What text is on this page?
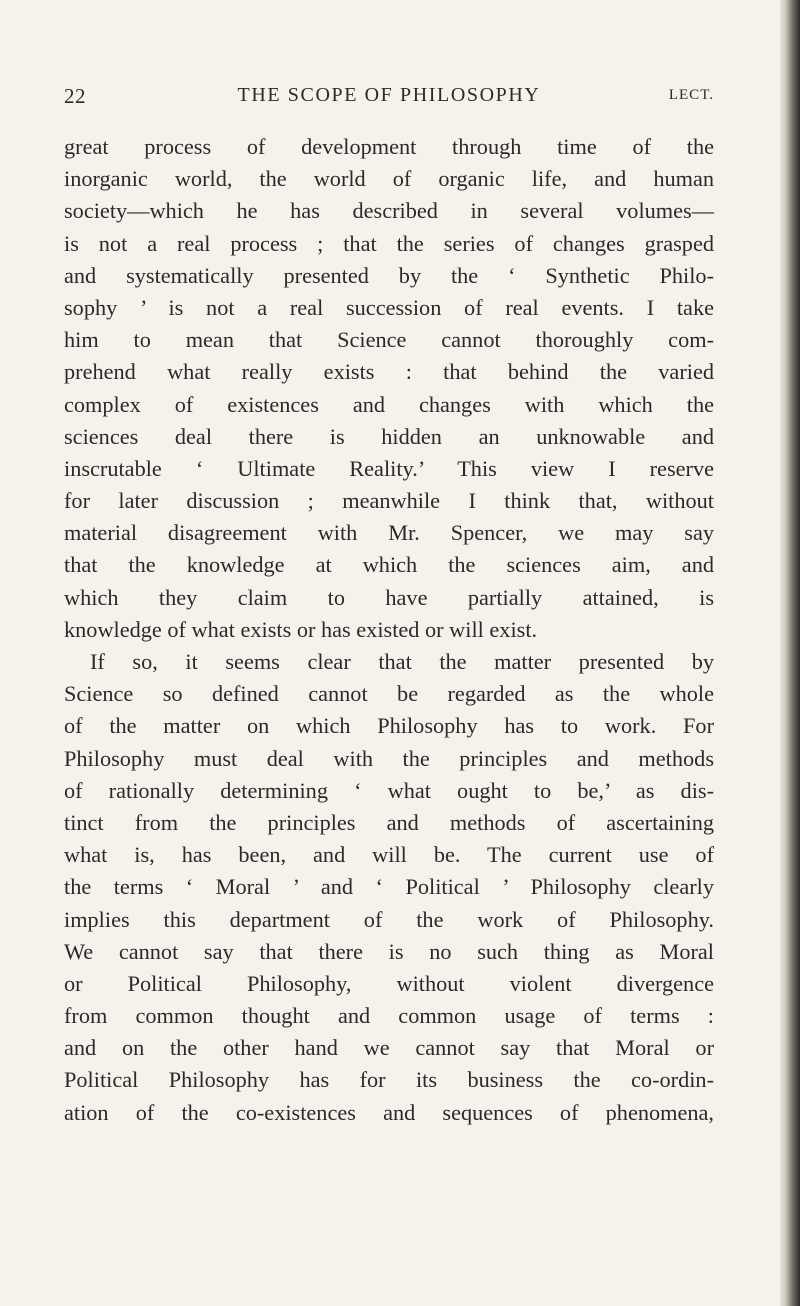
22	THE SCOPE OF PHILOSOPHY	LECT.
great process of development through time of the
inorganic world, the world of organic life, and human
society—which he has described in several volumes—
is not a real process ; that the series of changes grasped
and systematically presented by the ‘ Synthetic Philo-
sophy ’ is not a real succession of real events. I take
him to mean that Science cannot thoroughly com-
prehend what really exists : that behind the varied
complex of existences and changes with which the
sciences deal there is hidden an unknowable and
inscrutable ‘ Ultimate Reality.’ This view I reserve
for later discussion ; meanwhile I think that, without
material disagreement with Mr. Spencer, we may say
that the knowledge at which the sciences aim, and
which they claim to have partially attained, is
knowledge of what exists or has existed or will exist.
If so, it seems clear that the matter presented by
Science so defined cannot be regarded as the whole
of the matter on which Philosophy has to work. For
Philosophy must deal with the principles and methods
of rationally determining ‘ what ought to be,’ as dis-
tinct from the principles and methods of ascertaining
what is, has been, and will be. The current use of
the terms ‘ Moral ’ and ‘ Political ’ Philosophy clearly
implies this department of the work of Philosophy.
We cannot say that there is no such thing as Moral
or Political Philosophy, without violent divergence
from common thought and common usage of terms :
and on the other hand we cannot say that Moral or
Political Philosophy has for its business the co-ordin-
ation of the co-existences and sequences of phenomena,
